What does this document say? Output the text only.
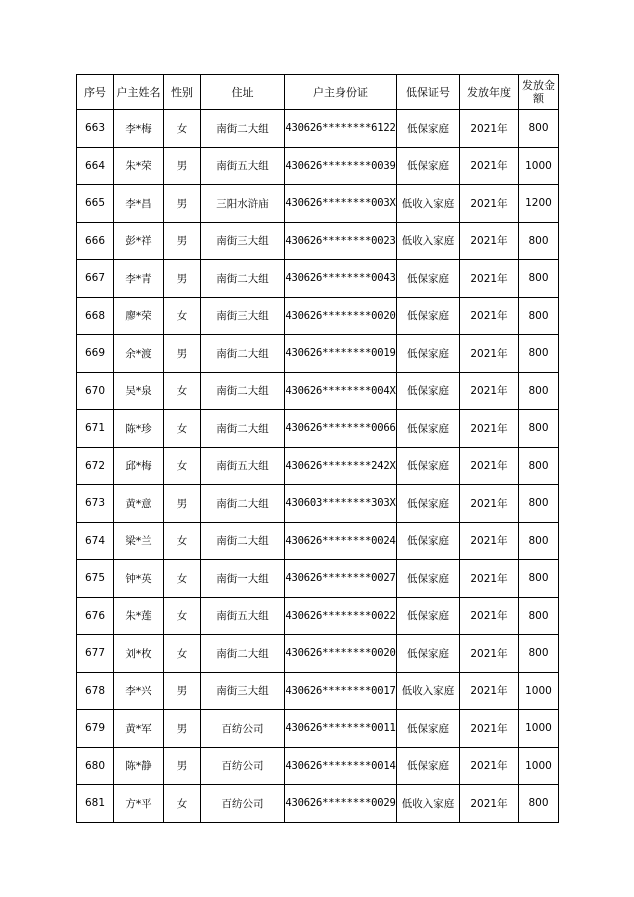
序号	户主姓名	性别	住址	户主身份证	低保证号	发放年度	发放金额
663	李*梅	女	南街二大组	430626********6122	低保家庭	2021年	800
664	朱*荣	男	南街五大组	430626********0039	低保家庭	2021年	1000
665	李*昌	男	三阳水浒庙	430626********003X	低收入家庭	2021年	1200
666	彭*祥	男	南街三大组	430626********0023	低收入家庭	2021年	800
667	李*青	男	南街二大组	430626********0043	低保家庭	2021年	800
668	廖*荣	女	南街三大组	430626********0020	低保家庭	2021年	800
669	余*渡	男	南街二大组	430626********0019	低保家庭	2021年	800
670	吴*泉	女	南街二大组	430626********004X	低保家庭	2021年	800
671	陈*珍	女	南街二大组	430626********0066	低保家庭	2021年	800
672	邱*梅	女	南街五大组	430626********242X	低保家庭	2021年	800
673	黄*意	男	南街二大组	430603********303X	低保家庭	2021年	800
674	梁*兰	女	南街二大组	430626********0024	低保家庭	2021年	800
675	钟*英	女	南街一大组	430626********0027	低保家庭	2021年	800
676	朱*莲	女	南街五大组	430626********0022	低保家庭	2021年	800
677	刘*枚	女	南街二大组	430626********0020	低保家庭	2021年	800
678	李*兴	男	南街三大组	430626********0017	低收入家庭	2021年	1000
679	黄*军	男	百纺公司	430626********0011	低保家庭	2021年	1000
680	陈*静	男	百纺公司	430626********0014	低保家庭	2021年	1000
681	方*平	女	百纺公司	430626********0029	低收入家庭	2021年	800
